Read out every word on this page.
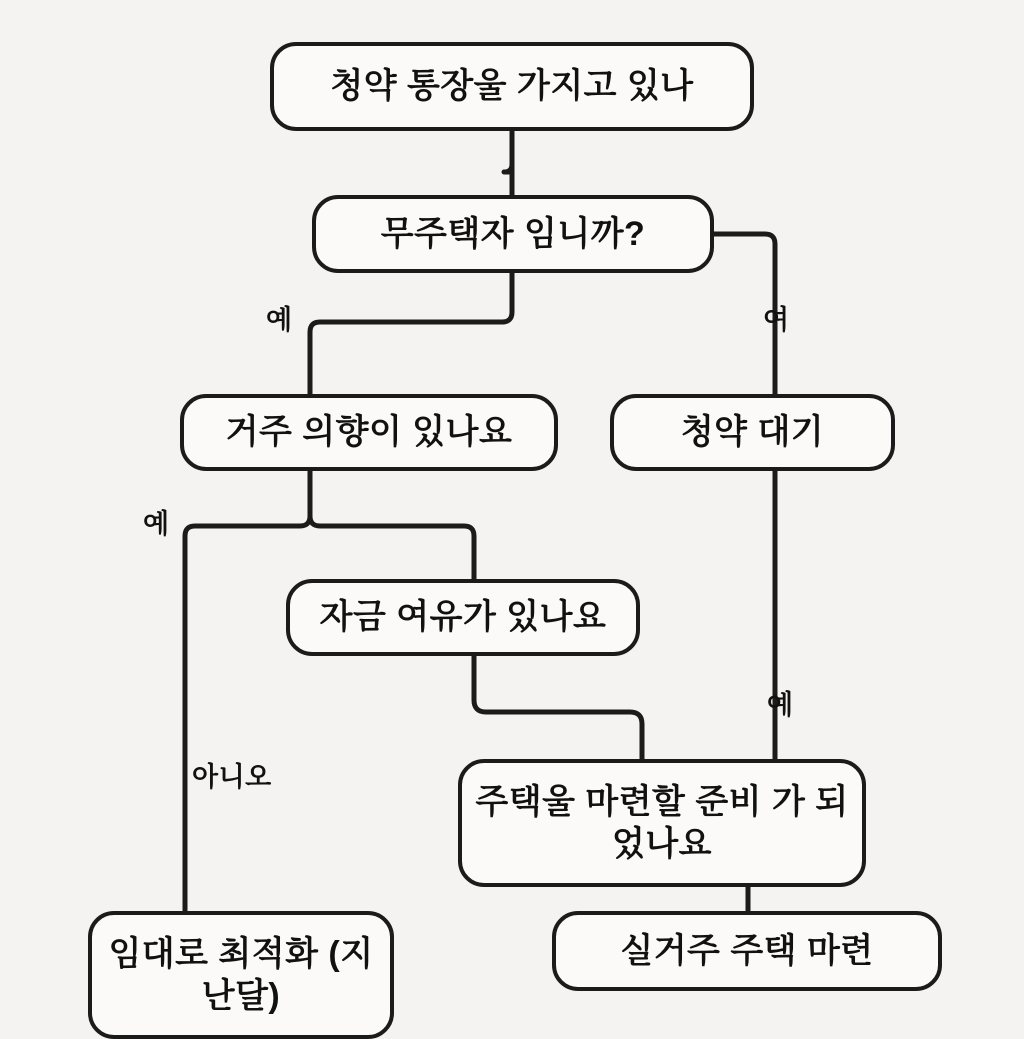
청약 통장울 가지고 있나
무주택자 임니까?
거주 의향이 있나요	청약 대기
자금 여유가 있나요
주택울 마련할 준비 가 되었나요
임대로 최적화 (지난달)
실거주 주택 마련
예	여
예
아니오
예
